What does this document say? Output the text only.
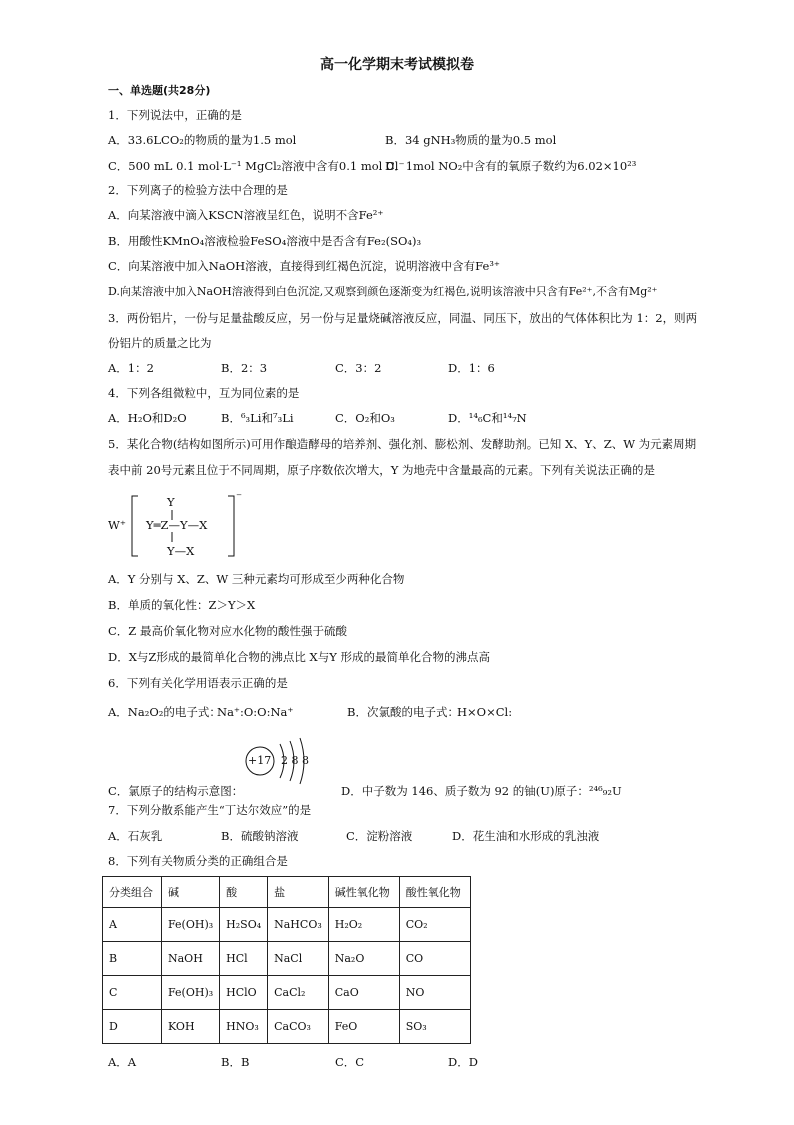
高一化学期末考试模拟卷
一、单选题(共28分)
1．下列说法中，正确的是
A．33.6LCO₂的物质的量为1.5 mol	B．34 gNH₃物质的量为0.5 mol
C．500 mL 0.1 mol·L⁻¹ MgCl₂溶液中含有0.1 mol Cl⁻
D．1mol NO₂中含有的氧原子数约为6.02×10²³
2．下列离子的检验方法中合理的是
A．向某溶液中滴入KSCN溶液呈红色，说明不含Fe²⁺
B．用酸性KMnO₄溶液检验FeSO₄溶液中是否含有Fe₂(SO₄)₃
C．向某溶液中加入NaOH溶液，直接得到红褐色沉淀，说明溶液中含有Fe³⁺
D.向某溶液中加入NaOH溶液得到白色沉淀,又观察到颜色逐渐变为红褐色,说明该溶液中只含有Fe²⁺,不含有Mg²⁺
3．两份铝片，一份与足量盐酸反应，另一份与足量烧碱溶液反应，同温、同压下，放出的气体体积比为 1：2，则两
份铝片的质量之比为
A．1：2	B．2：3	C．3：2	D．1：6
4．下列各组微粒中，互为同位素的是
A．H₂O和D₂O	B．⁶₃Li和⁷₃Li	C．O₂和O₃	D．¹⁴₆C和¹⁴₇N
5．某化合物(结构如图所示)可用作酿造酵母的培养剂、强化剂、膨松剂、发酵助剂。已知 X、Y、Z、W 为元素周期
表中前 20号元素且位于不同周期，原子序数依次增大，Y 为地壳中含量最高的元素。下列有关说法正确的是
W⁺
Y
Y═Z—Y—X
Y—X
⁻
A．Y 分别与 X、Z、W 三种元素均可形成至少两种化合物
B．单质的氧化性：Z＞Y＞X
C．Z 最高价氧化物对应水化物的酸性强于硫酸
D．X与Z形成的最简单化合物的沸点比 X与Y 形成的最简单化合物的沸点高
6．下列有关化学用语表示正确的是
A．Na₂O₂的电子式：
Na⁺:O:O:Na⁺	B．次氯酸的电子式：
H×O×Cl:
+17 2 8 8
C．氯原子的结构示意图：	D．中子数为 146、质子数为 92 的铀(U)原子：²⁴⁶₉₂U
7．下列分散系能产生“丁达尔效应”的是
A．石灰乳	B．硫酸钠溶液	C．淀粉溶液	D．花生油和水形成的乳浊液
8．下列有关物质分类的正确组合是
分类组合	碱	酸	盐	碱性氧化物	酸性氧化物
A	Fe(OH)₃	H₂SO₄	NaHCO₃	H₂O₂	CO₂
B	NaOH	HCl	NaCl	Na₂O	CO
C	Fe(OH)₃	HClO	CaCl₂	CaO	NO
D	KOH	HNO₃	CaCO₃	FeO	SO₃
A．A	B．B	C．C	D．D
